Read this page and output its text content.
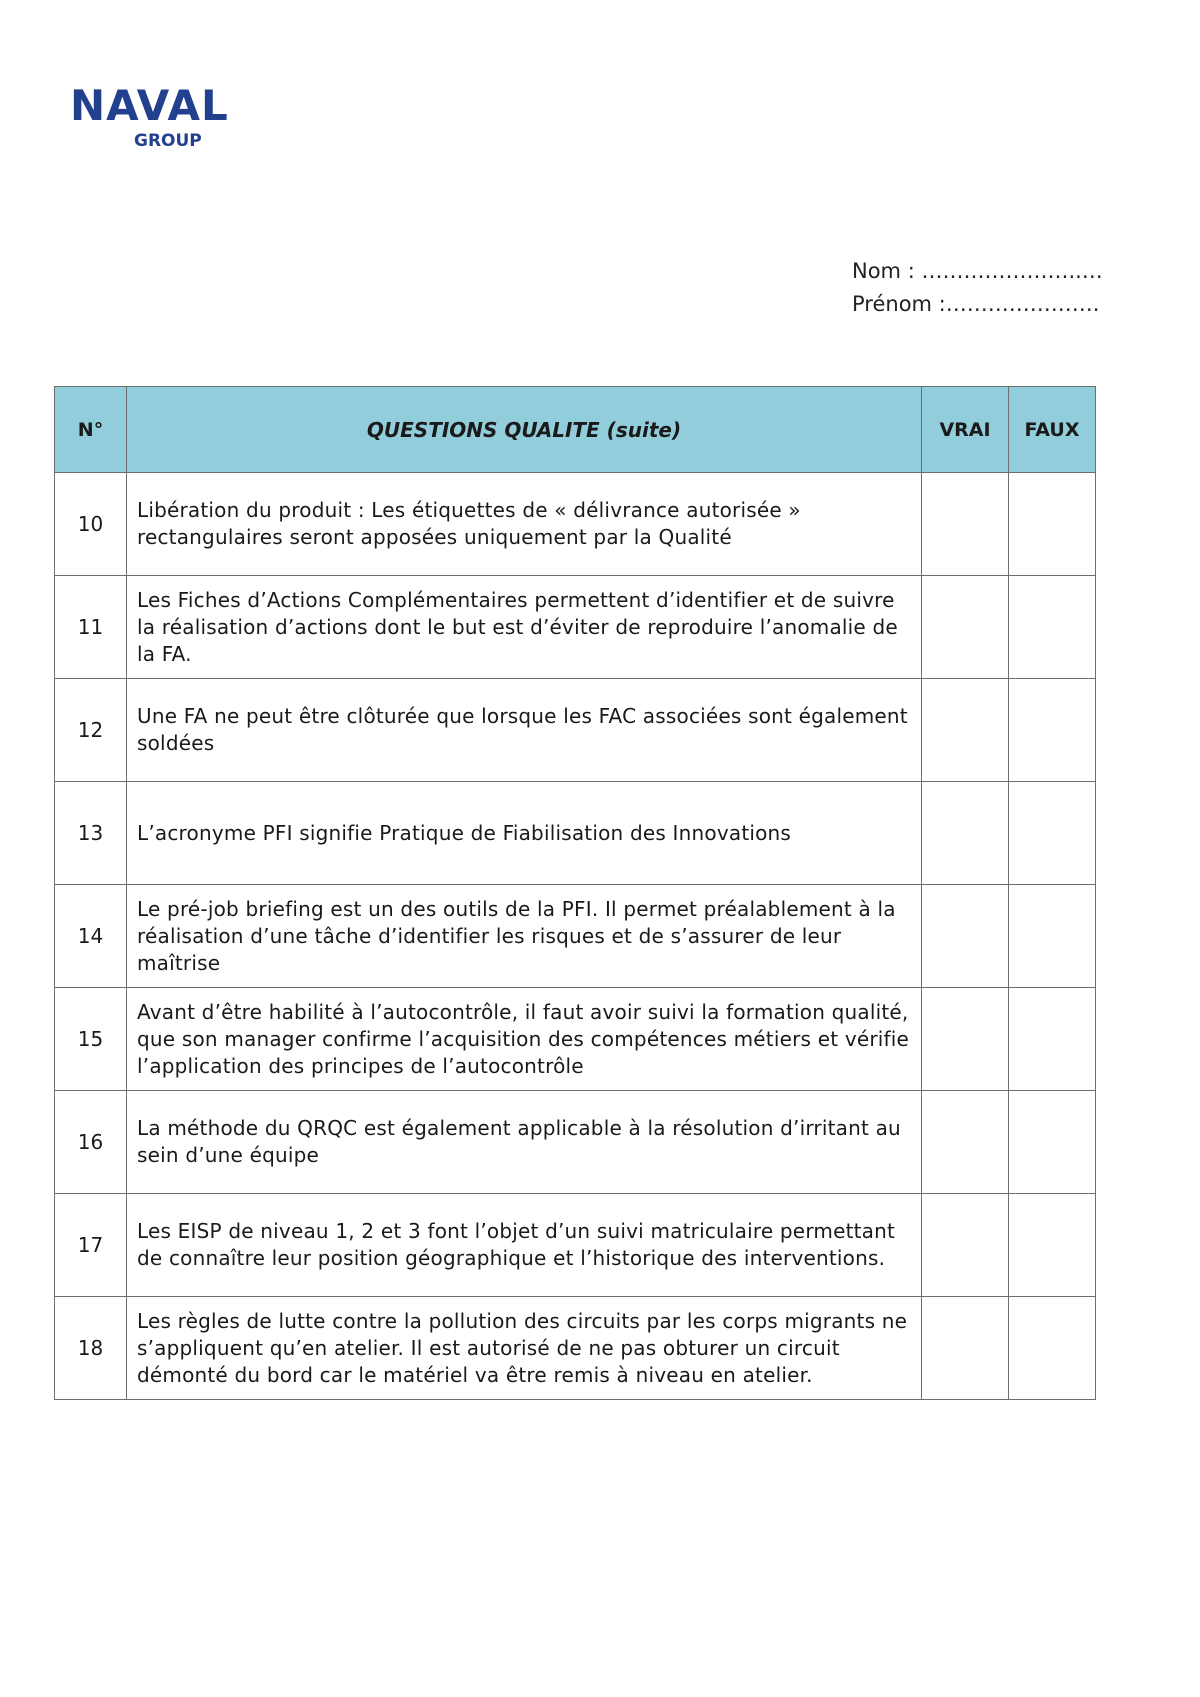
NAVAL
GROUP
Nom : …………………..…
Prénom :………………….
N°	QUESTIONS QUALITE (suite)	VRAI	FAUX
10	Libération du produit : Les étiquettes de « délivrance autorisée » rectangulaires seront apposées uniquement par la Qualité		
11	Les Fiches d’Actions Complémentaires permettent d’identifier et de suivre la réalisation d’actions dont le but est d’éviter de reproduire l’anomalie de la FA.		
12	Une FA ne peut être clôturée que lorsque les FAC associées sont également soldées		
13	L’acronyme PFI signifie Pratique de Fiabilisation des Innovations		
14	Le pré-job briefing est un des outils de la PFI. Il permet préalablement à la réalisation d’une tâche d’identifier les risques et de s’assurer de leur maîtrise		
15	Avant d’être habilité à l’autocontrôle, il faut avoir suivi la formation qualité, que son manager confirme l’acquisition des compétences métiers et vérifie l’application des principes de l’autocontrôle		
16	La méthode du QRQC est également applicable à la résolution d’irritant au sein d’une équipe		
17	Les EISP de niveau 1, 2 et 3 font l’objet d’un suivi matriculaire permettant de connaître leur position géographique et l’historique des interventions.		
18	Les règles de lutte contre la pollution des circuits par les corps migrants ne s’appliquent qu’en atelier. Il est autorisé de ne pas obturer un circuit démonté du bord car le matériel va être remis à niveau en atelier.		
